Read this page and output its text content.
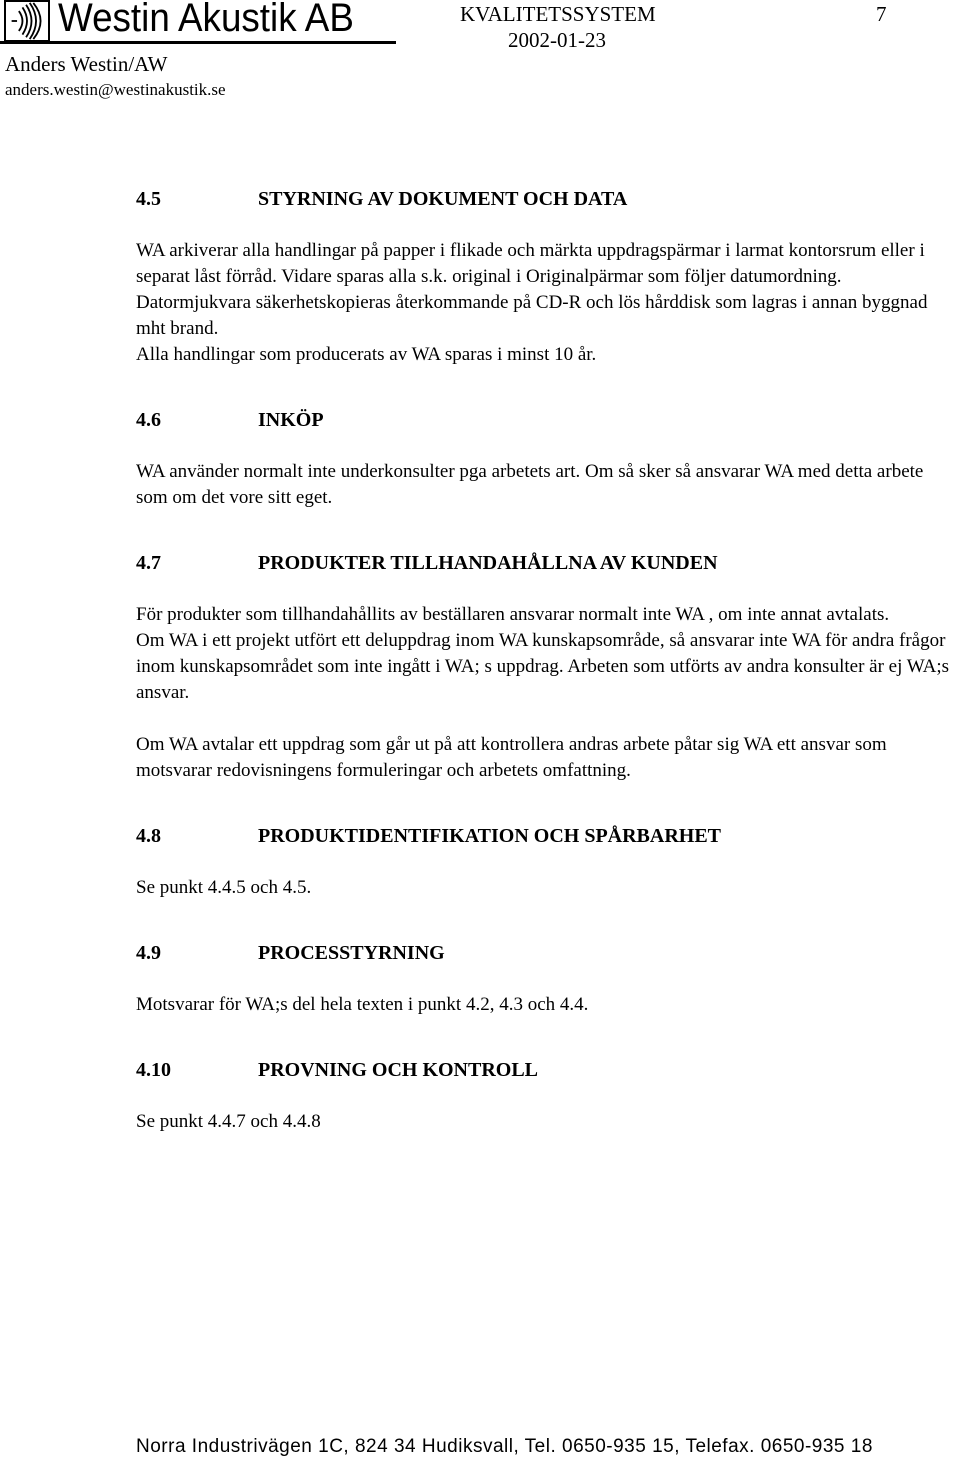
Westin Akustik AB	KVALITETSSYSTEM	7
2002-01-23
Anders Westin/AW
anders.westin@westinakustik.se
4.5	STYRNING AV DOKUMENT OCH DATA

WA arkiverar alla handlingar på papper i flikade och märkta uppdragspärmar i larmat kontorsrum eller i separat låst förråd. Vidare sparas alla s.k. original i Originalpärmar som följer datumordning.

Datormjukvara säkerhetskopieras återkommande på CD-R och lös hårddisk som lagras i annan byggnad mht brand.

Alla handlingar som producerats av WA sparas i minst 10 år.

4.6	INKÖP

WA använder normalt inte underkonsulter pga arbetets art. Om så sker så ansvarar WA med detta arbete som om det vore sitt eget.

4.7	PRODUKTER TILLHANDAHÅLLNA AV KUNDEN

För produkter som tillhandahållits av beställaren ansvarar normalt inte WA , om inte annat avtalats.

Om WA i ett projekt utfört ett deluppdrag inom WA kunskapsområde, så ansvarar inte WA för andra frågor inom kunskapsområdet som inte ingått i WA; s uppdrag. Arbeten som utförts av andra konsulter är ej WA;s ansvar.

Om WA avtalar ett uppdrag som går ut på att kontrollera andras arbete påtar sig WA ett ansvar som motsvarar redovisningens formuleringar och arbetets omfattning.

4.8	PRODUKTIDENTIFIKATION OCH SPÅRBARHET

Se punkt 4.4.5 och 4.5.

4.9	PROCESSTYRNING

Motsvarar för WA;s del hela texten i punkt 4.2, 4.3 och 4.4.

4.10	PROVNING OCH KONTROLL

Se punkt 4.4.7 och 4.4.8

Norra Industrivägen 1C, 824 34 Hudiksvall, Tel. 0650-935 15, Telefax. 0650-935 18
